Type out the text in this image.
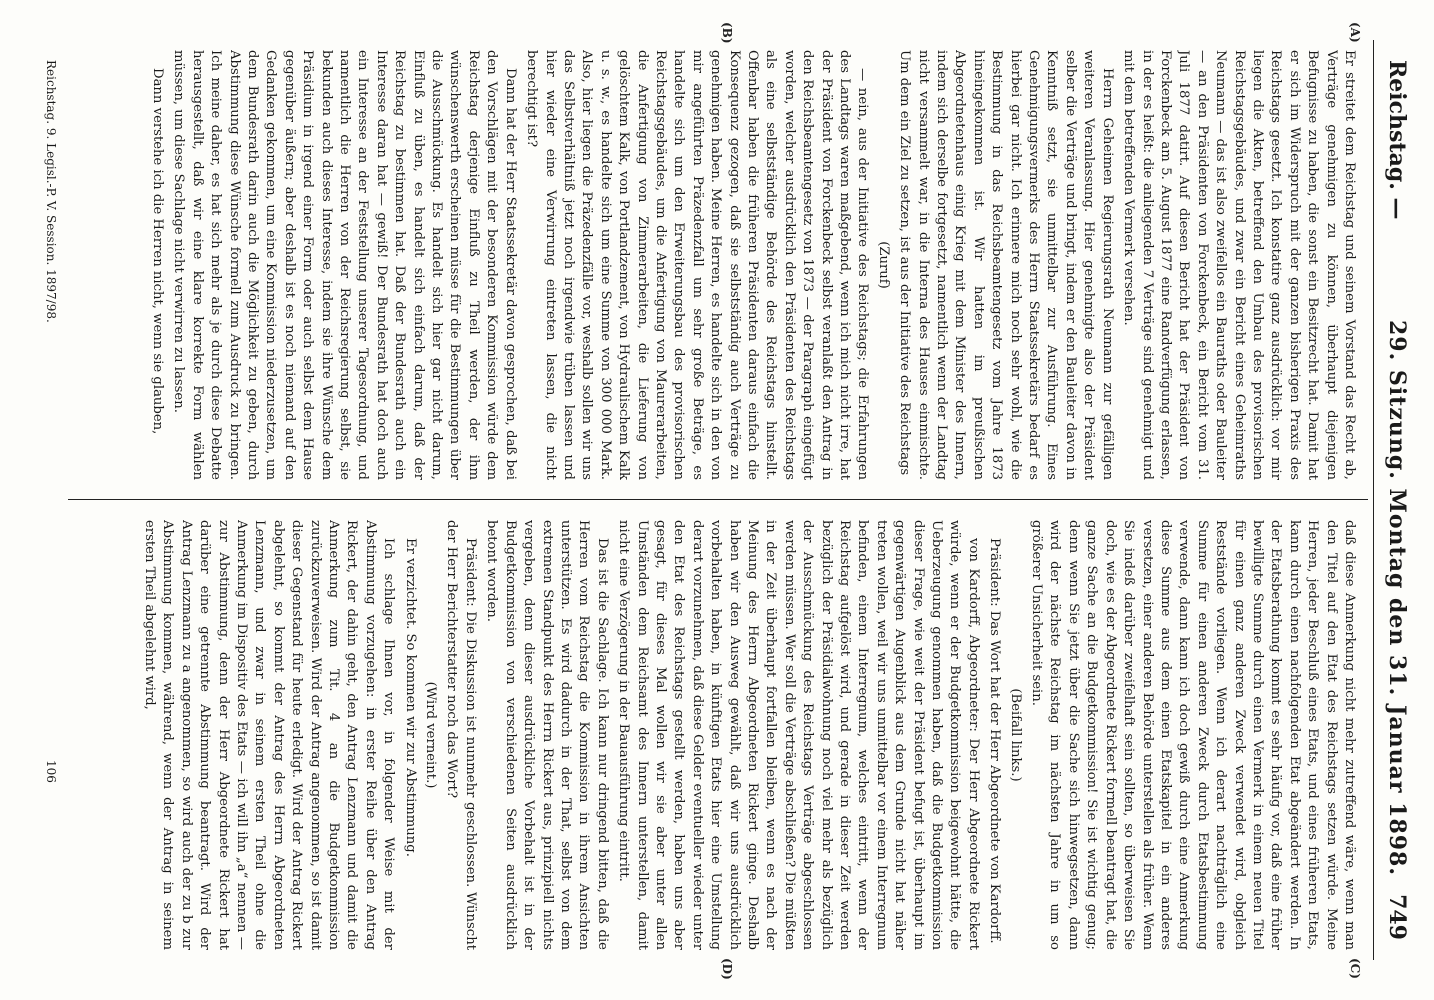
Reichstag. —
29. Sitzung. Montag den 31. Januar 1898.
749
(A)
(B)
(C)
(D)

Er streitet dem Reichstag und seinem Vorstand das Recht ab, Verträge genehmigen zu können, überhaupt diejenigen Befugnisse zu haben, die sonst ein Besitzrecht hat. Damit hat er sich im Widerspruch mit der ganzen bisherigen Praxis des Reichstags gesetzt. Ich konstatire ganz ausdrücklich: vor mir liegen die Akten, betreffend den Umbau des provisorischen Reichstagsgebäudes, und zwar ein Bericht eines Geheimraths Neumann — das ist also zweifellos ein Bauraths oder Bauleiter — an den Präsidenten von Forckenbeck, ein Bericht vom 31. Juli 1877 datirt. Auf diesen Bericht hat der Präsident von Forckenbeck am 5. August 1877 eine Randverfügung erlassen, in der es heißt: die anliegenden 7 Verträge sind genehmigt und mit dem betreffenden Vermerk versehen.

Herrn Geheimen Regierungsrath Neumann zur gefälligen weiteren Veranlassung. Hier genehmigte also der Präsident selber die Verträge und bringt, indem er den Bauleiter davon in Kenntniß setzt, sie unmittelbar zur Ausführung. Eines Genehmigungsvermerks des Herrn Staatssekretärs bedarf es hierbei gar nicht. Ich erinnere mich noch sehr wohl, wie die Bestimmung in das Reichsbeamtengesetz vom Jahre 1873 hineingekommen ist. Wir hatten im preußischen Abgeordnetenhaus einig Krieg mit dem Minister des Innern, indem sich derselbe fortgesetzt, namentlich wenn der Landtag nicht versammelt war, in die Interna des Hauses einmischte. Um dem ein Ziel zu setzen, ist aus der Initiative des Reichstags

(Zuruf)

— nein, aus der Initiative des Reichstags; die Erfahrungen des Landtags waren maßgebend, wenn ich mich nicht irre, hat der Präsident von Forckenbeck selbst veranlaßt den Antrag in den Reichsbeamtengesetz von 1873 — der Paragraph eingefügt worden, welcher ausdrücklich den Präsidenten des Reichstags als eine selbstständige Behörde des Reichstags hinstellt. Offenbar haben die früheren Präsidenten daraus einfach die Konsequenz gezogen, daß sie selbstständig auch Verträge zu genehmigen haben. Meine Herren, es handelte sich in den von mir angeführten Präzedenzfall um sehr große Beträge, es handelte sich um den Erweiterungsbau des provisorischen Reichstagsgebäudes, um die Anfertigung von Maurerarbeiten, die Anfertigung von Zimmerarbeiten, die Lieferung von gelöschtem Kalk, von Portlandzement, von Hydraulischem Kalk u. s. w., es handelte sich um eine Summe von 300 000 Mark. Also, hier liegen die Präzedenzfälle vor, weshalb sollen wir uns das Selbstverhältniß jetzt noch irgendwie trüben lassen und hier wieder eine Verwirrung eintreten lassen, die nicht berechtigt ist?

Dann hat der Herr Staatssekretär davon gesprochen, daß bei den Vorschlägen mit der besonderen Kommission würde dem Reichstag derjenige Einfluß zu Theil werden, der ihm wünschenswerth erscheinen müsse für die Bestimmungen über die Ausschmückung. Es handelt sich hier gar nicht darum, Einfluß zu üben, es handelt sich einfach darum, daß der Reichstag zu bestimmen hat. Daß der Bundesrath auch ein Interesse daran hat — gewiß! Der Bundesrath hat doch auch ein Interesse an der Feststellung unserer Tagesordnung, und namentlich die Herren von der Reichsregierung selbst, sie bekunden auch dieses Interesse, indem sie ihre Wünsche dem Präsidium in irgend einer Form oder auch selbst dem Hause gegenüber äußern; aber deshalb ist es noch niemand auf den Gedanken gekommen, um eine Kommission niederzusetzen, um dem Bundesrath darin auch die Möglichkeit zu geben, durch Abstimmung diese Wünsche formell zum Ausdruck zu bringen. Ich meine daher, es hat sich mehr als je durch diese Debatte herausgestellt, daß wir eine klare korrekte Form wählen müssen, um diese Sachlage nicht verwirren zu lassen.

Dann verstehe ich die Herren nicht, wenn sie glauben,

daß diese Anmerkung nicht mehr zutreffend wäre, wenn man den Titel auf den Etat des Reichstags setzen würde. Meine Herren, jeder Beschluß eines Etats, und eines früheren Etats, kann durch einen nachfolgenden Etat abgeändert werden. In der Etatsberathung kommt es sehr häufig vor, daß eine früher bewilligte Summe durch einen Vermerk in einem neuen Titel für einen ganz anderen Zweck verwendet wird, obgleich Reststände vorliegen. Wenn ich derart nachträglich eine Summe für einen anderen Zweck durch Etatsbestimmung verwende, dann kann ich doch gewiß durch eine Anmerkung diese Summe aus dem einen Etatskapitel in ein anderes versetzen, einer anderen Behörde unterstellen als früher. Wenn Sie indeß darüber zweifelhaft sein sollten, so überweisen Sie doch, wie es der Abgeordnete Rickert formell beantragt hat, die ganze Sache an die Budgetkommission! Sie ist wichtig genug; denn wenn Sie jetzt über die Sache sich hinwegsetzen, dann wird der nächste Reichstag im nächsten Jahre in um so größerer Unsicherheit sein.

(Beifall links.)

Präsident: Das Wort hat der Herr Abgeordnete von Kardorff.

von Kardorff, Abgeordneter: Der Herr Abgeordnete Rickert würde, wenn er der Budgetkommission beigewohnt hätte, die Ueberzeugung genommen haben, daß die Budgetkommission dieser Frage, wie weit der Präsident befugt ist, überhaupt im gegenwärtigen Augenblick aus dem Grunde nicht hat näher treten wollen, weil wir uns unmittelbar vor einem Interregnum befinden, einem Interregnum, welches eintritt, wenn der Reichstag aufgelöst wird, und gerade in dieser Zeit werden bezüglich der Präsidialwohnung noch viel mehr als bezüglich der Ausschmückung des Reichstags Verträge abgeschlossen werden müssen. Wer soll die Verträge abschließen? Die müßten in der Zeit überhaupt fortfallen bleiben, wenn es nach der Meinung des Herrn Abgeordneten Rickert ginge. Deshalb haben wir den Ausweg gewählt, daß wir uns ausdrücklich vorbehalten haben, in künftigen Etats hier eine Umstellung derart vorzunehmen, daß diese Gelder eventueller wieder unter den Etat des Reichstags gestellt werden, haben uns aber gesagt, für dieses Mal wollen wir sie aber unter allen Umständen dem Reichsamt des Innern unterstellen, damit nicht eine Verzögerung in der Bauausführung eintritt.

Das ist die Sachlage. Ich kann nur dringend bitten, daß die Herren vom Reichstag die Kommission in ihrem Ansichten unterstützen. Es wird dadurch in der That, selbst von dem extremen Standpunkt des Herrn Rickert aus, prinzipiell nichts vergeben, denn dieser ausdrückliche Vorbehalt ist in der Budgetkommission von verschiedenen Seiten ausdrücklich betont worden.

Präsident: Die Diskussion ist nunmehr geschlossen. Wünscht der Herr Berichterstatter noch das Wort?

(Wird verneint.)

Er verzichtet. So kommen wir zur Abstimmung.

Ich schlage Ihnen vor, in folgender Weise mit der Abstimmung vorzugehen: in erster Reihe über den Antrag Rickert, der dahin geht, den Antrag Lenzmann und damit die Anmerkung zum Tit. 4 an die Budgetkommission zurückzuverweisen. Wird der Antrag angenommen, so ist damit dieser Gegenstand für heute erledigt. Wird der Antrag Rickert abgelehnt, so kommt der Antrag des Herrn Abgeordneten Lenzmann, und zwar in seinem ersten Theil ohne die Anmerkung im Dispositiv des Etats — ich will ihn „a“ nennen — zur Abstimmung, denn der Herr Abgeordnete Rickert hat darüber eine getrennte Abstimmung beantragt. Wird der Antrag Lenzmann zu a angenommen, so wird auch der zu b zur Abstimmung kommen, während, wenn der Antrag in seinem ersten Theil abgelehnt wird,

Reichstag. 9. Legisl.-P. V. Session. 1897/98.
106
